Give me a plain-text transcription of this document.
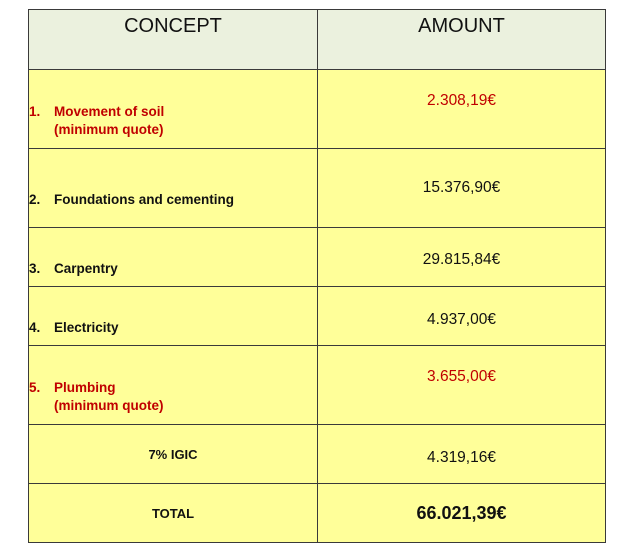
CONCEPT	AMOUNT
1. Movement of soil
(minimum quote)	2.308,19€
2. Foundations and cementing	15.376,90€
3. Carpentry	29.815,84€
4. Electricity	4.937,00€
5. Plumbing
(minimum quote)	3.655,00€
7% IGIC	4.319,16€
TOTAL	66.021,39€
